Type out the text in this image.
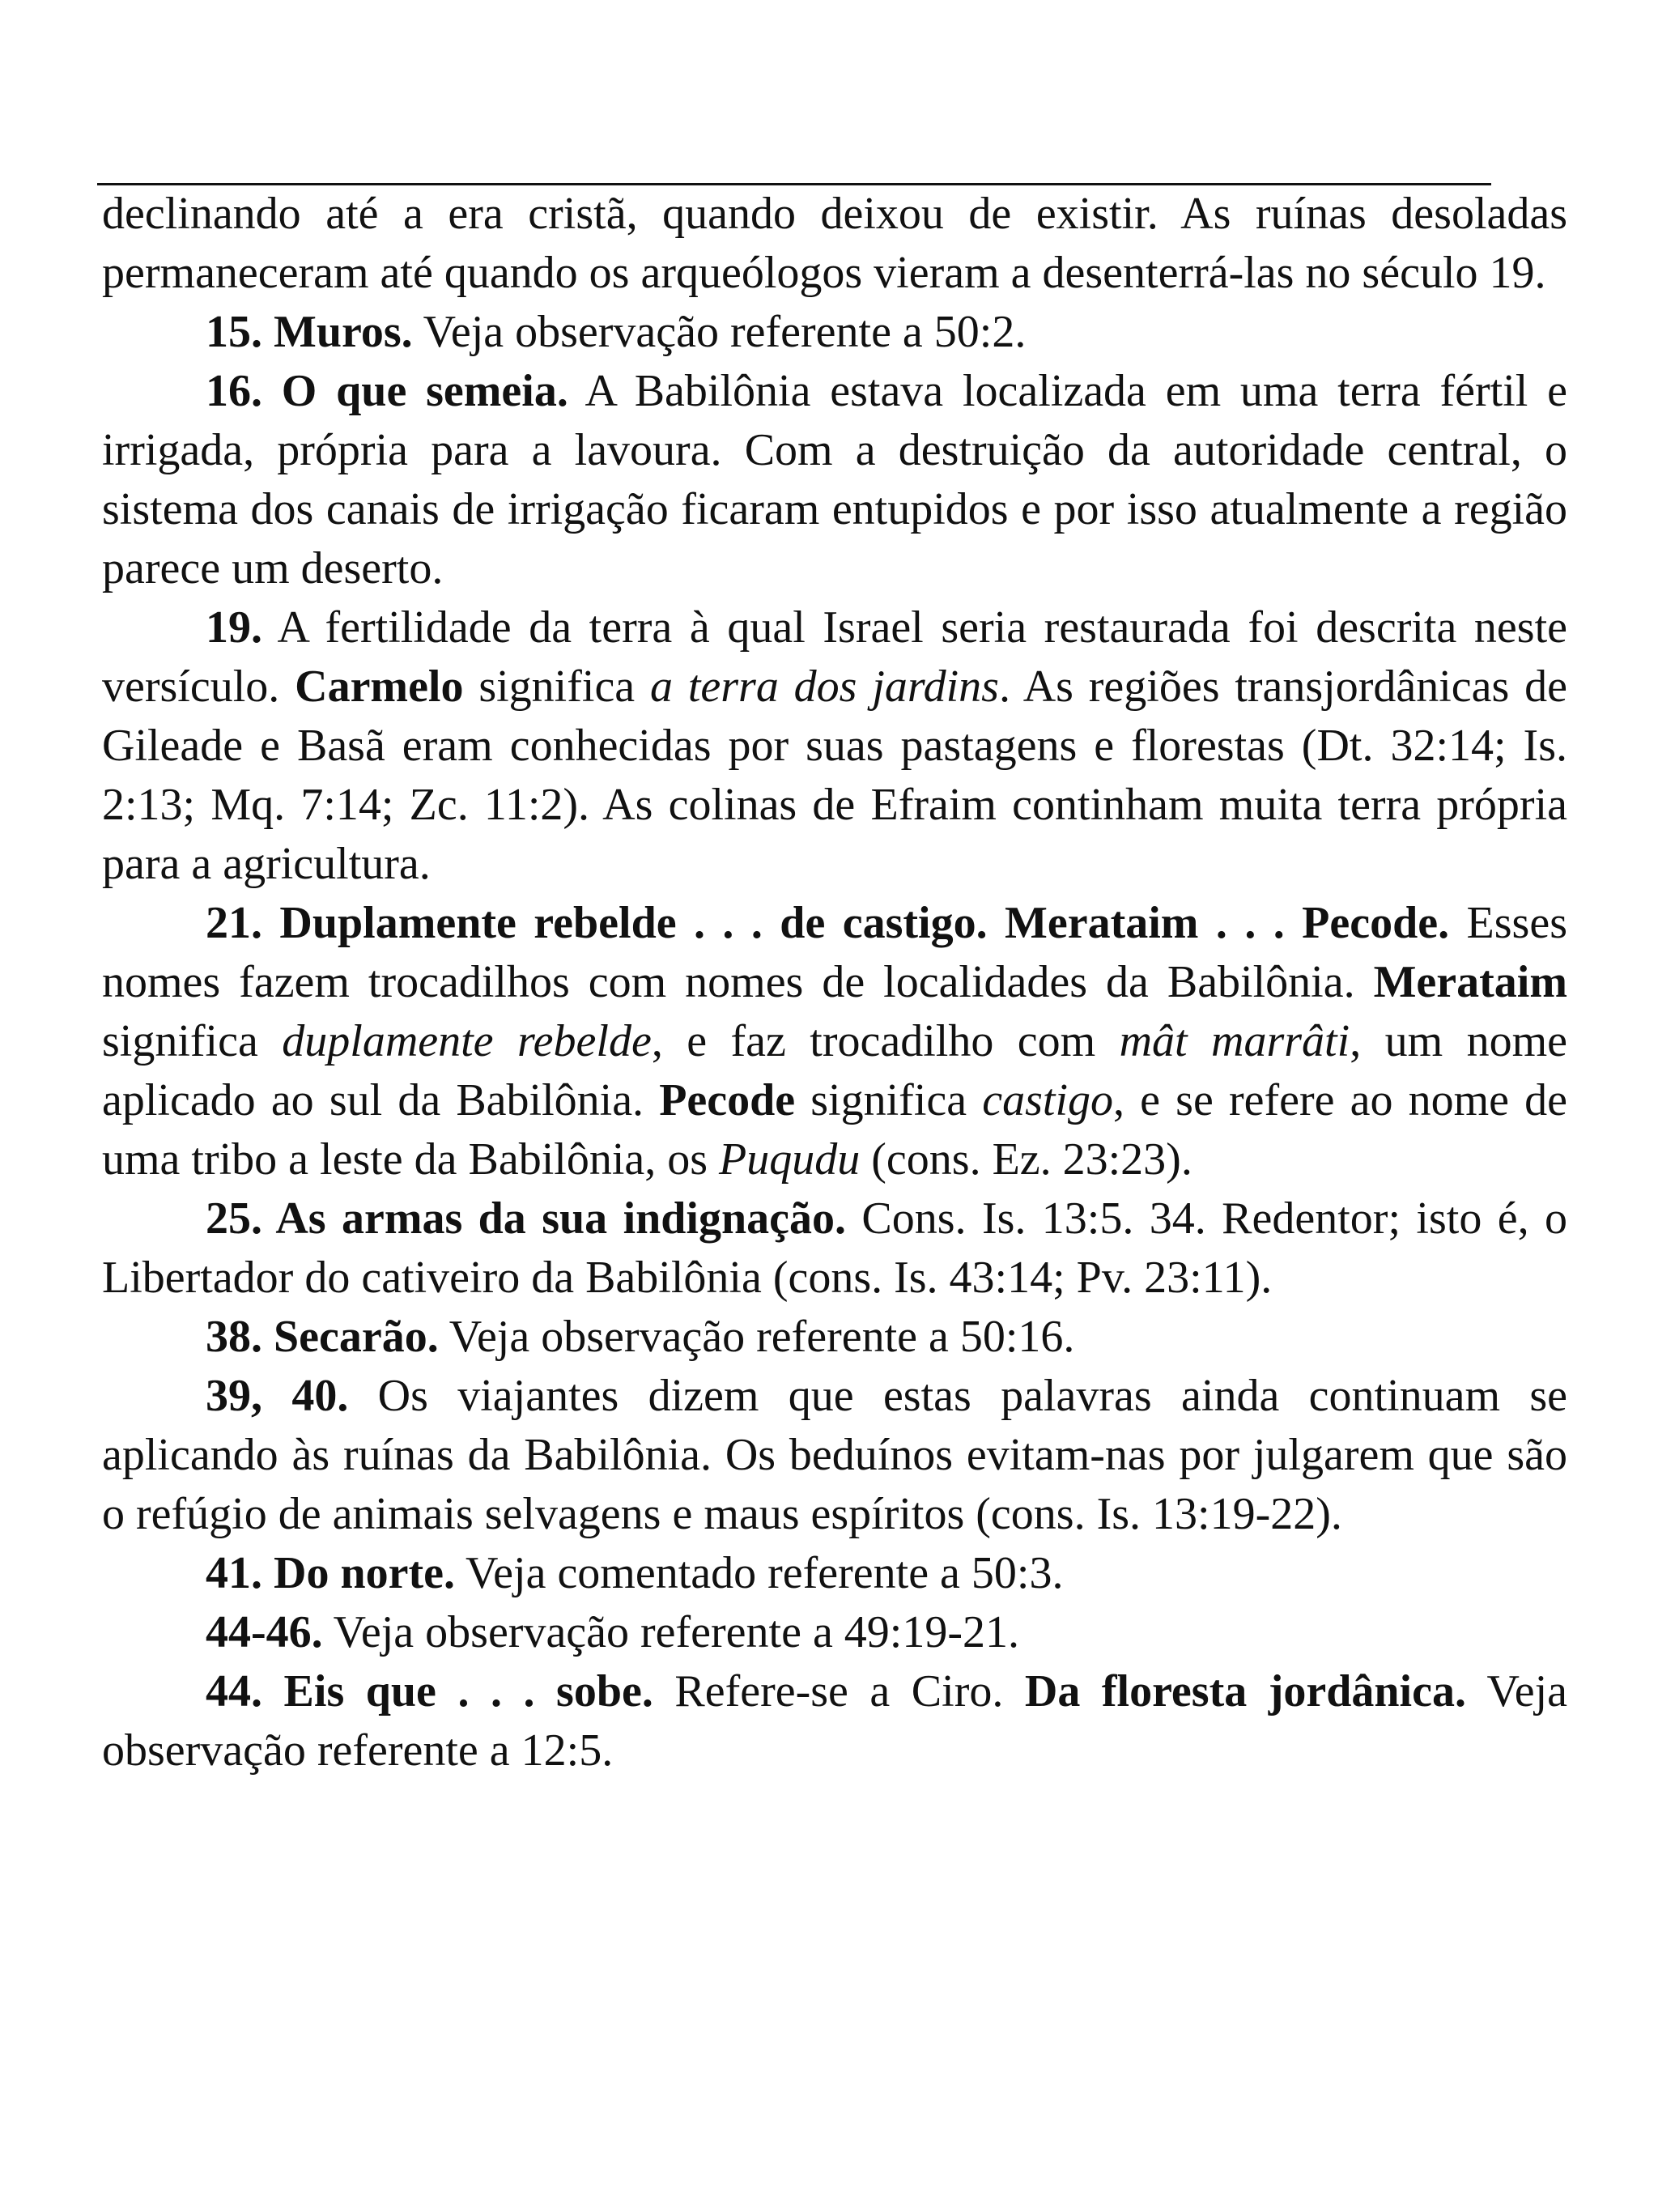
declinando até a era cristã, quando deixou de existir. As ruínas desoladas permaneceram até quando os arqueólogos vieram a desenterrá-las no século 19.

15. Muros. Veja observação referente a 50:2.

16. O que semeia. A Babilônia estava localizada em uma terra fértil e irrigada, própria para a lavoura. Com a destruição da autoridade central, o sistema dos canais de irrigação ficaram entupidos e por isso atualmente a região parece um deserto.

19. A fertilidade da terra à qual Israel seria restaurada foi descrita neste versículo. Carmelo significa a terra dos jardins. As regiões transjordânicas de Gileade e Basã eram conhecidas por suas pastagens e florestas (Dt. 32:14; Is. 2:13; Mq. 7:14; Zc. 11:2). As colinas de Efraim continham muita terra própria para a agricultura.

21. Duplamente rebelde . . . de castigo. Merataim . . . Pecode. Esses nomes fazem trocadilhos com nomes de localidades da Babilônia. Merataim significa duplamente rebelde, e faz trocadilho com mât marrâti, um nome aplicado ao sul da Babilônia. Pecode significa castigo, e se refere ao nome de uma tribo a leste da Babilônia, os Puqudu (cons. Ez. 23:23).

25. As armas da sua indignação. Cons. Is. 13:5. 34. Redentor; isto é, o Libertador do cativeiro da Babilônia (cons. Is. 43:14; Pv. 23:11).

38. Secarão. Veja observação referente a 50:16.

39, 40. Os viajantes dizem que estas palavras ainda continuam se aplicando às ruínas da Babilônia. Os beduínos evitam-nas por julgarem que são o refúgio de animais selvagens e maus espíritos (cons. Is. 13:19-22).

41. Do norte. Veja comentado referente a 50:3.

44-46. Veja observação referente a 49:19-21.

44. Eis que . . . sobe. Refere-se a Ciro. Da floresta jordânica. Veja observação referente a 12:5.
